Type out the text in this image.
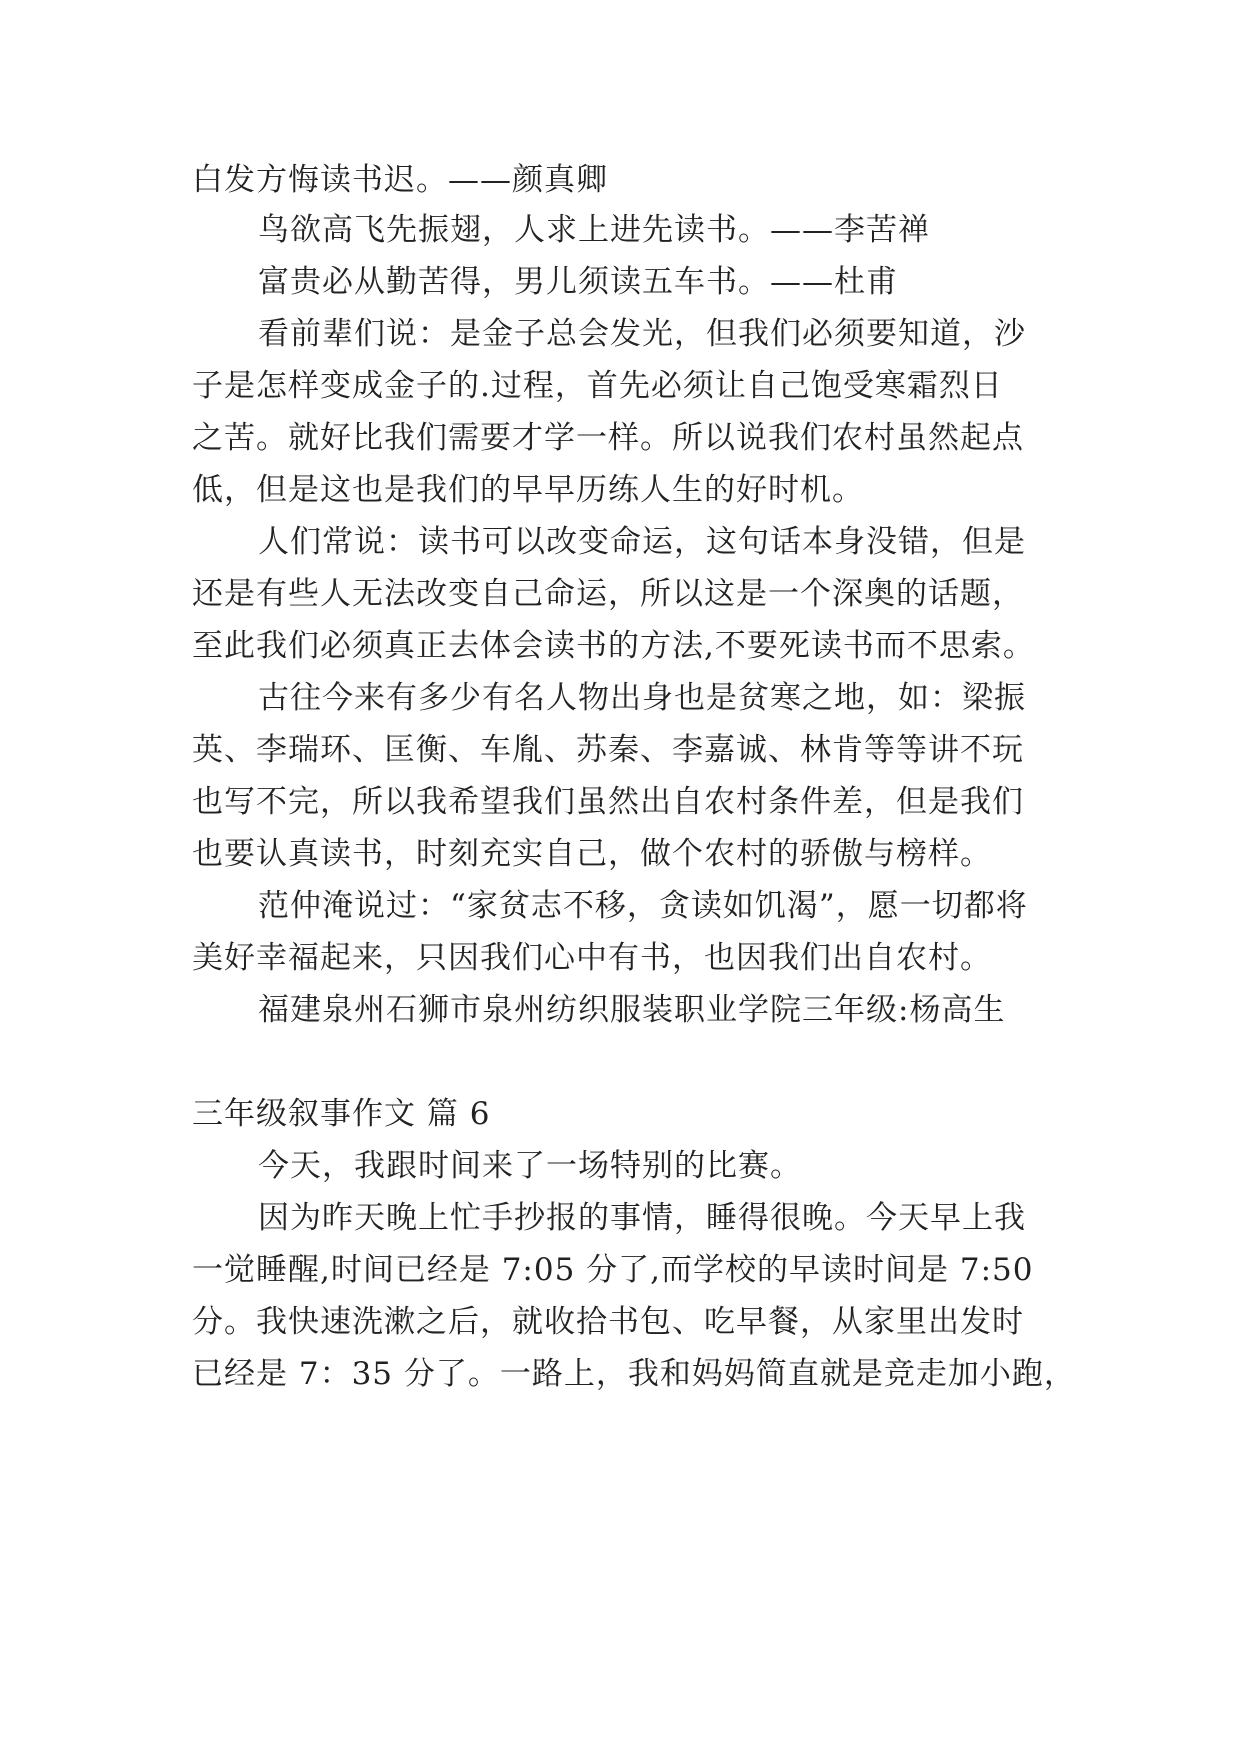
白发方悔读书迟。——颜真卿
鸟欲高飞先振翅，人求上进先读书。——李苦禅
富贵必从勤苦得，男儿须读五车书。——杜甫
看前辈们说：是金子总会发光，但我们必须要知道，沙
子是怎样变成金子的.过程，首先必须让自己饱受寒霜烈日
之苦。就好比我们需要才学一样。所以说我们农村虽然起点
低，但是这也是我们的早早历练人生的好时机。
人们常说：读书可以改变命运，这句话本身没错，但是
还是有些人无法改变自己命运，所以这是一个深奥的话题，
至此我们必须真正去体会读书的方法,不要死读书而不思索。
古往今来有多少有名人物出身也是贫寒之地，如：梁振
英、李瑞环、匡衡、车胤、苏秦、李嘉诚、林肯等等讲不玩
也写不完，所以我希望我们虽然出自农村条件差，但是我们
也要认真读书，时刻充实自己，做个农村的骄傲与榜样。
范仲淹说过：“家贫志不移，贪读如饥渴”，愿一切都将
美好幸福起来，只因我们心中有书，也因我们出自农村。
福建泉州石狮市泉州纺织服装职业学院三年级:杨高生
三年级叙事作文 篇 6
今天，我跟时间来了一场特别的比赛。
因为昨天晚上忙手抄报的事情，睡得很晚。今天早上我
一觉睡醒,时间已经是 7:05 分了,而学校的早读时间是 7:50
分。我快速洗漱之后，就收拾书包、吃早餐，从家里出发时
已经是 7：35 分了。一路上，我和妈妈简直就是竞走加小跑，
